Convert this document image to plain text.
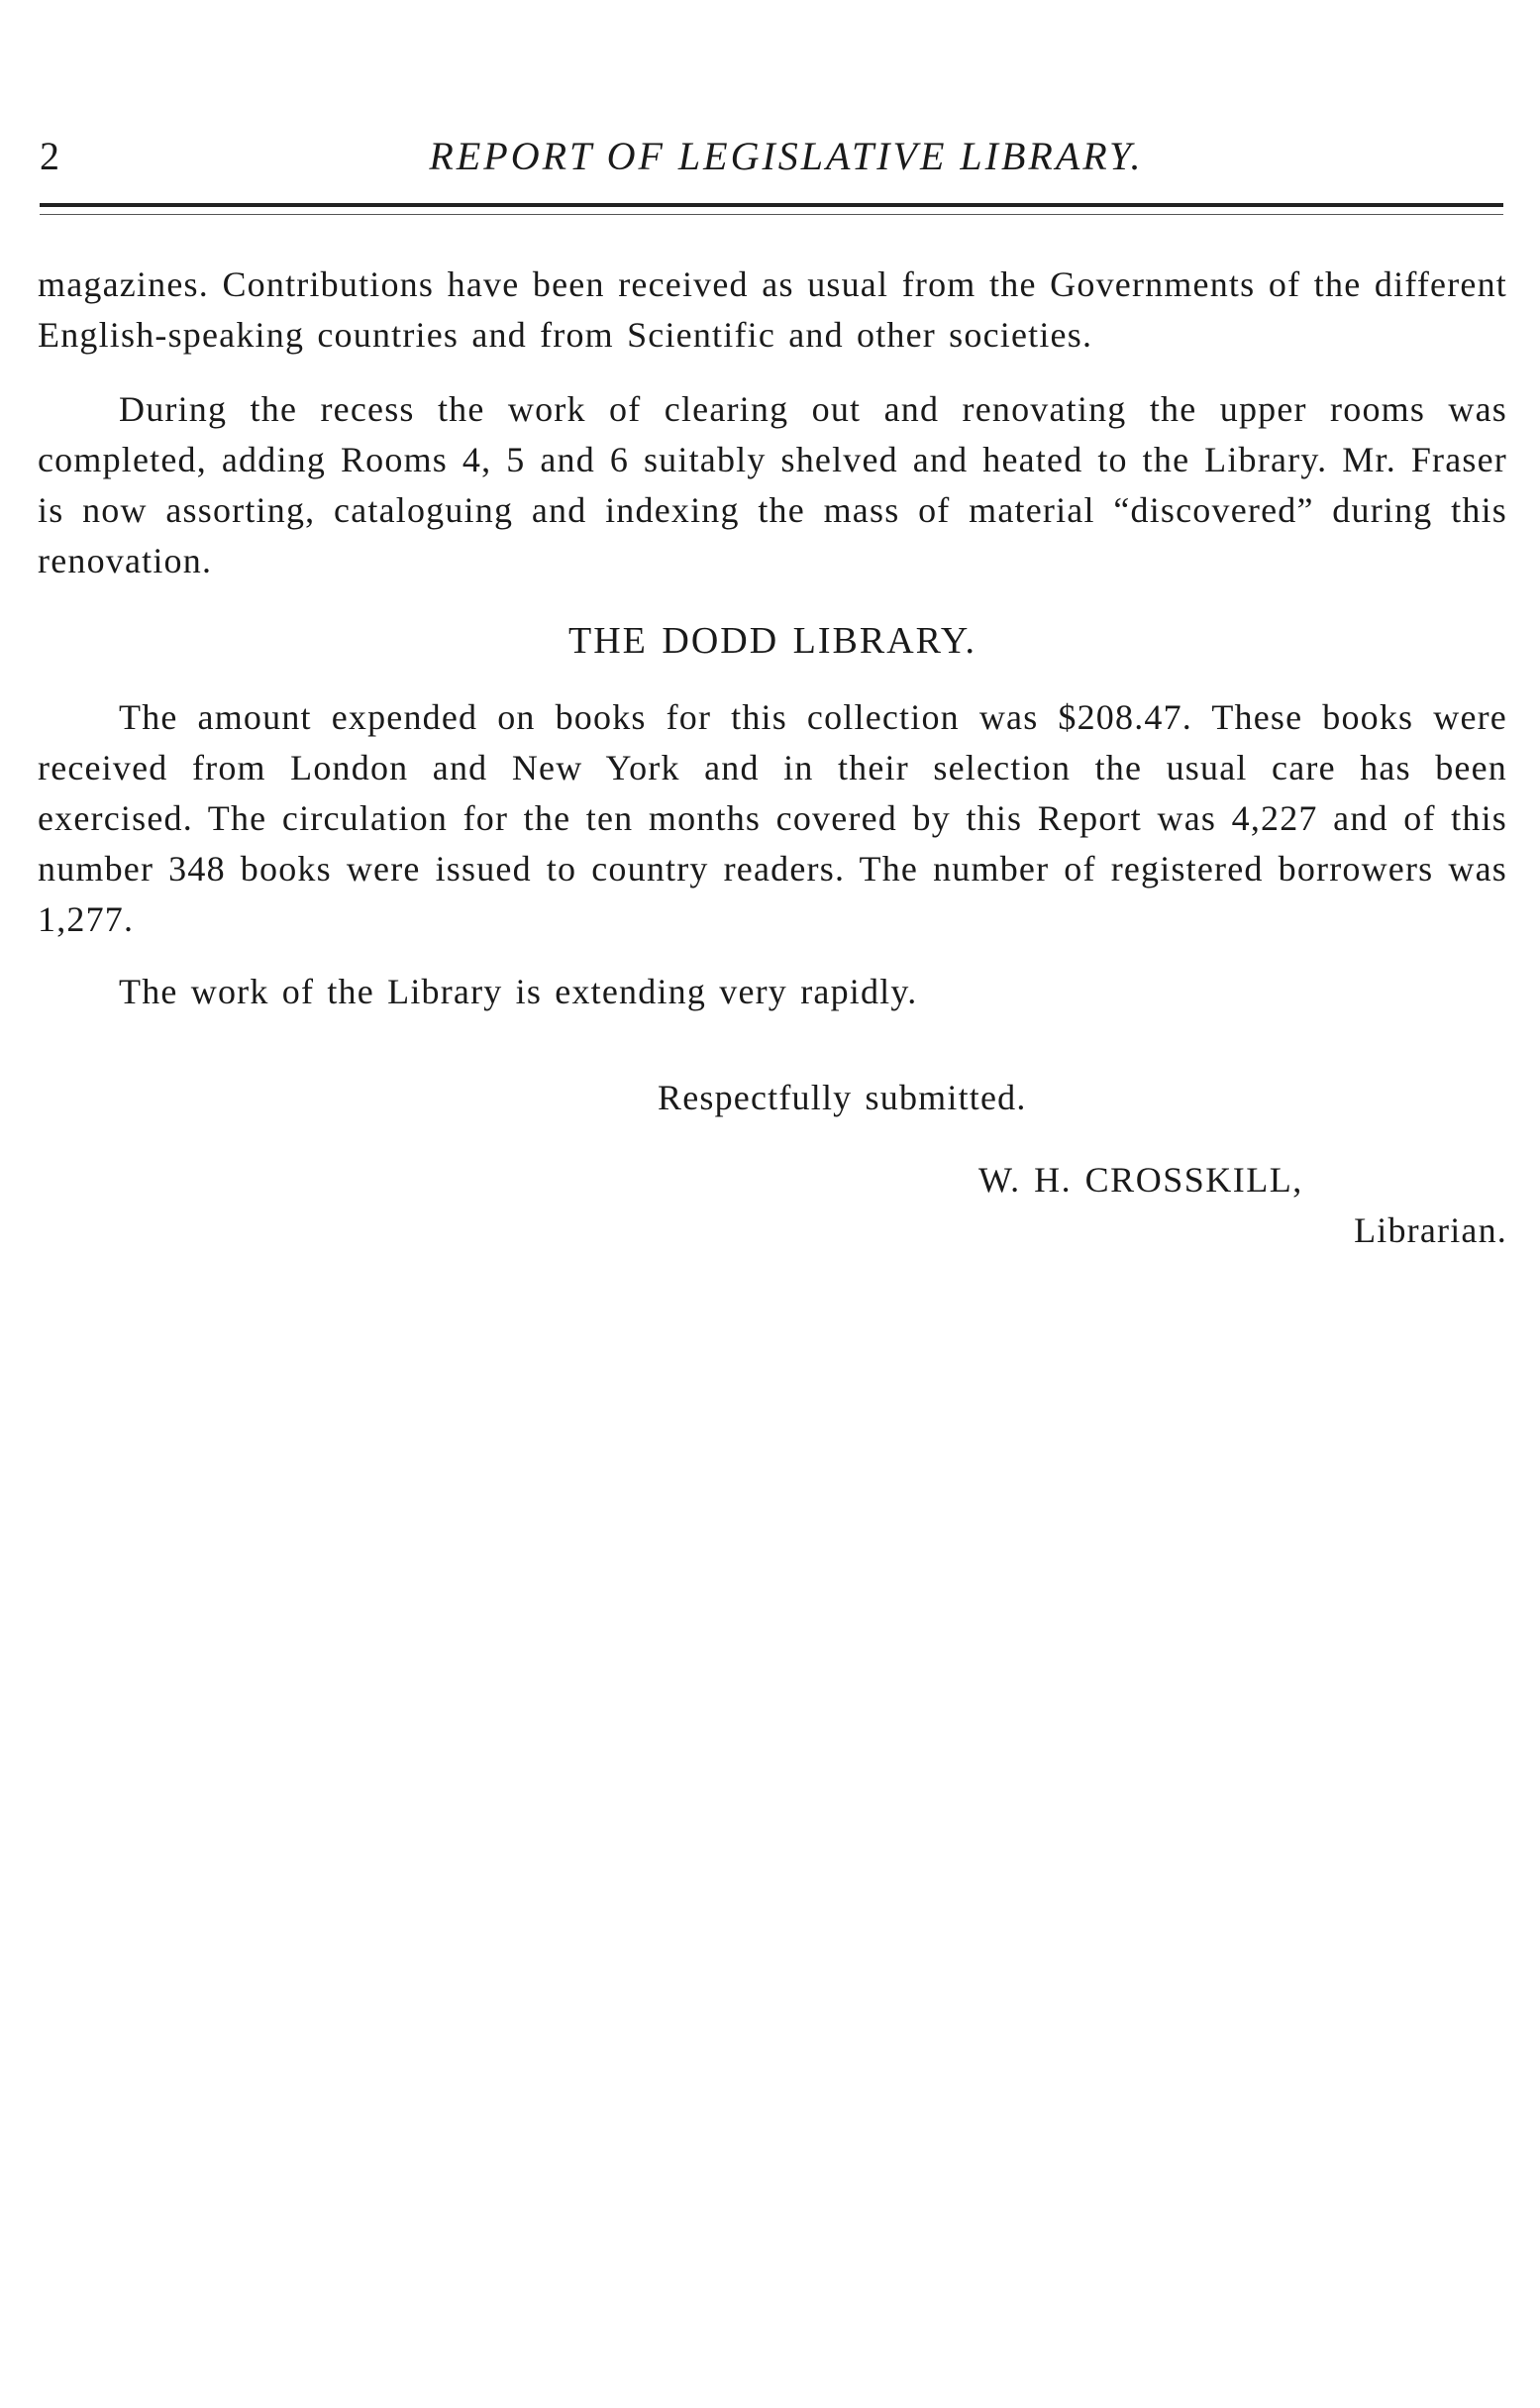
2	REPORT OF LEGISLATIVE LIBRARY.

magazines. Contributions have been received as usual from the Governments of the different English-speaking countries and from Scientific and other societies.

During the recess the work of clearing out and renovating the upper rooms was completed, adding Rooms 4, 5 and 6 suitably shelved and heated to the Library. Mr. Fraser is now assorting, cataloguing and indexing the mass of material “discovered” during this renovation.

THE DODD LIBRARY.

The amount expended on books for this collection was $208.47. These books were received from London and New York and in their selection the usual care has been exercised. The circulation for the ten months covered by this Report was 4,227 and of this number 348 books were issued to country readers. The number of registered borrowers was 1,277.

The work of the Library is extending very rapidly.

Respectfully submitted.

W. H. CROSSKILL,

Librarian.
